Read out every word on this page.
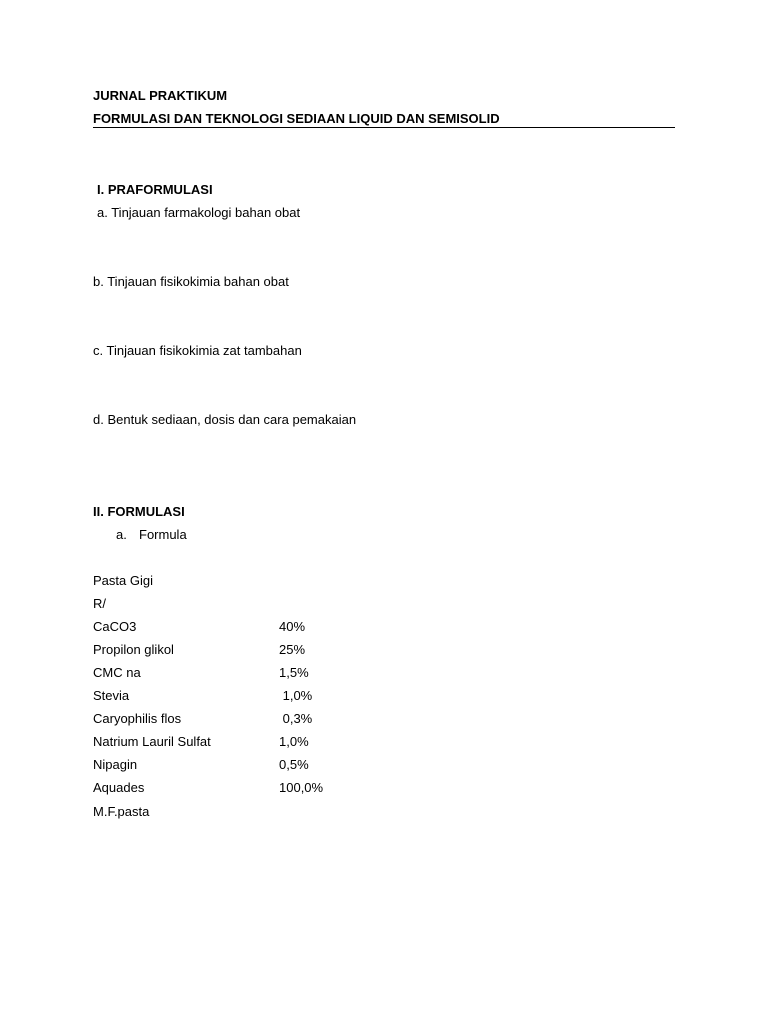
JURNAL PRAKTIKUM
FORMULASI DAN TEKNOLOGI SEDIAAN LIQUID DAN SEMISOLID
I. PRAFORMULASI
a. Tinjauan farmakologi bahan obat
b. Tinjauan fisikokimia bahan obat
c. Tinjauan fisikokimia zat tambahan
d. Bentuk sediaan, dosis dan cara pemakaian
II. FORMULASI
a. Formula
Pasta Gigi
R/
CaCO3	40%
Propilon glikol	25%
CMC na	1,5%
Stevia	1,0%
Caryophilis flos	0,3%
Natrium Lauril Sulfat	1,0%
Nipagin	0,5%
Aquades	100,0%
M.F.pasta
